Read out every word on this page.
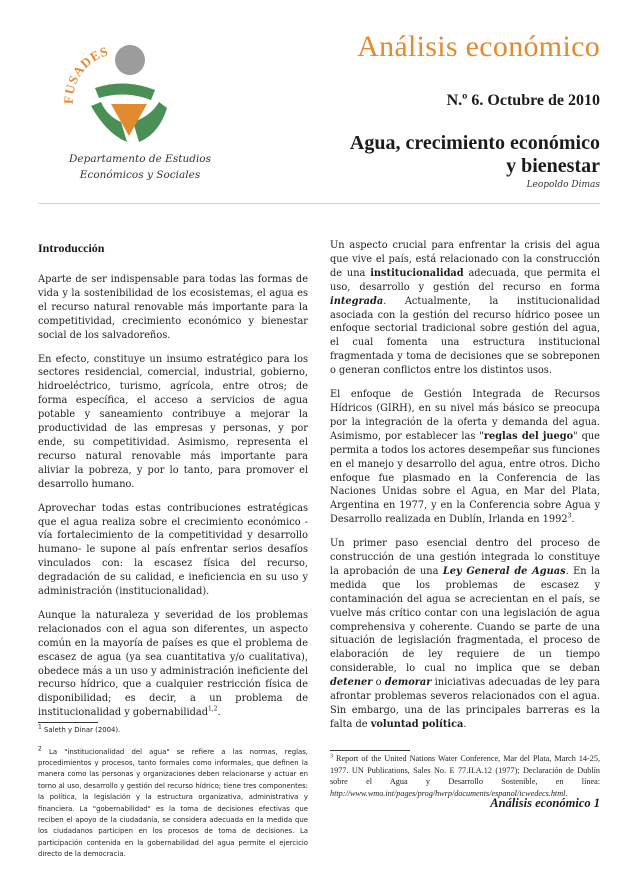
FUSADES
Departamento de Estudios
Económicos y Sociales
Análisis económico
N.º 6. Octubre de 2010
Agua, crecimiento económico
y bienestar
Leopoldo Dimas

Introducción

Aparte de ser indispensable para todas las formas de vida y la sostenibilidad de los ecosistemas, el agua es el recurso natural renovable más importante para la competitividad, crecimiento económico y bienestar social de los salvadoreños.

En efecto, constituye un insumo estratégico para los sectores residencial, comercial, industrial, gobierno, hidroeléctrico, turismo, agrícola, entre otros; de forma específica, el acceso a servicios de agua potable y saneamiento contribuye a mejorar la productividad de las empresas y personas, y por ende, su competitividad. Asimismo, representa el recurso natural renovable más importante para aliviar la pobreza, y por lo tanto, para promover el desarrollo humano.

Aprovechar todas estas contribuciones estratégicas que el agua realiza sobre el crecimiento económico -vía fortalecimiento de la competitividad y desarrollo humano- le supone al país enfrentar serios desafíos vinculados con: la escasez física del recurso, degradación de su calidad, e ineficiencia en su uso y administración (institucionalidad).

Aunque la naturaleza y severidad de los problemas relacionados con el agua son diferentes, un aspecto común en la mayoría de países es que el problema de escasez de agua (ya sea cuantitativa y/o cualitativa), obedece más a un uso y administración ineficiente del recurso hídrico, que a cualquier restricción física de disponibilidad; es decir, a un problema de institucionalidad y gobernabilidad$^{1,2}$.

$^1$ Saleth y Dinar (2004).

$^2$ La "institucionalidad del agua" se refiere a las normas, reglas, procedimientos y procesos, tanto formales como informales, que definen la manera como las personas y organizaciones deben relacionarse y actuar en torno al uso, desarrollo y gestión del recurso hídrico; tiene tres componentes: la política, la legislación y la estructura organizativa, administrativa y financiera. La "gobernabilidad" es la toma de decisiones efectivas que reciben el apoyo de la ciudadanía, se considera adecuada en la medida que los ciudadanos participen en los procesos de toma de decisiones. La participación contenida en la gobernabilidad del agua permite el ejercicio directo de la democracia.

Un aspecto crucial para enfrentar la crisis del agua que vive el país, está relacionado con la construcción de una institucionalidad adecuada, que permita el uso, desarrollo y gestión del recurso en forma integrada. Actualmente, la institucionalidad asociada con la gestión del recurso hídrico posee un enfoque sectorial tradicional sobre gestión del agua, el cual fomenta una estructura institucional fragmentada y toma de decisiones que se sobreponen o generan conflictos entre los distintos usos.

El enfoque de Gestión Integrada de Recursos Hídricos (GIRH), en su nivel más básico se preocupa por la integración de la oferta y demanda del agua. Asimismo, por establecer las "reglas del juego" que permita a todos los actores desempeñar sus funciones en el manejo y desarrollo del agua, entre otros. Dicho enfoque fue plasmado en la Conferencia de las Naciones Unidas sobre el Agua, en Mar del Plata, Argentina en 1977, y en la Conferencia sobre Agua y Desarrollo realizada en Dublín, Irlanda en 1992$^3$.

Un primer paso esencial dentro del proceso de construcción de una gestión integrada lo constituye la aprobación de una Ley General de Aguas. En la medida que los problemas de escasez y contaminación del agua se acrecientan en el país, se vuelve más crítico contar con una legislación de agua comprehensiva y coherente. Cuando se parte de una situación de legislación fragmentada, el proceso de elaboración de ley requiere de un tiempo considerable, lo cual no implica que se deban detener o demorar iniciativas adecuadas de ley para afrontar problemas severos relacionados con el agua. Sin embargo, una de las principales barreras es la falta de voluntad política.

$^3$ Report of the United Nations Water Conference, Mar del Plata, March 14-25, 1977. UN Publications, Sales No. E 77.II.A.12 (1977); Declaración de Dublín sobre el Agua y Desarrollo Sostenible, en línea: http://www.wmo.int/pages/prog/hwrp/documents/espanol/icwedecs.html.

Análisis económico 1
